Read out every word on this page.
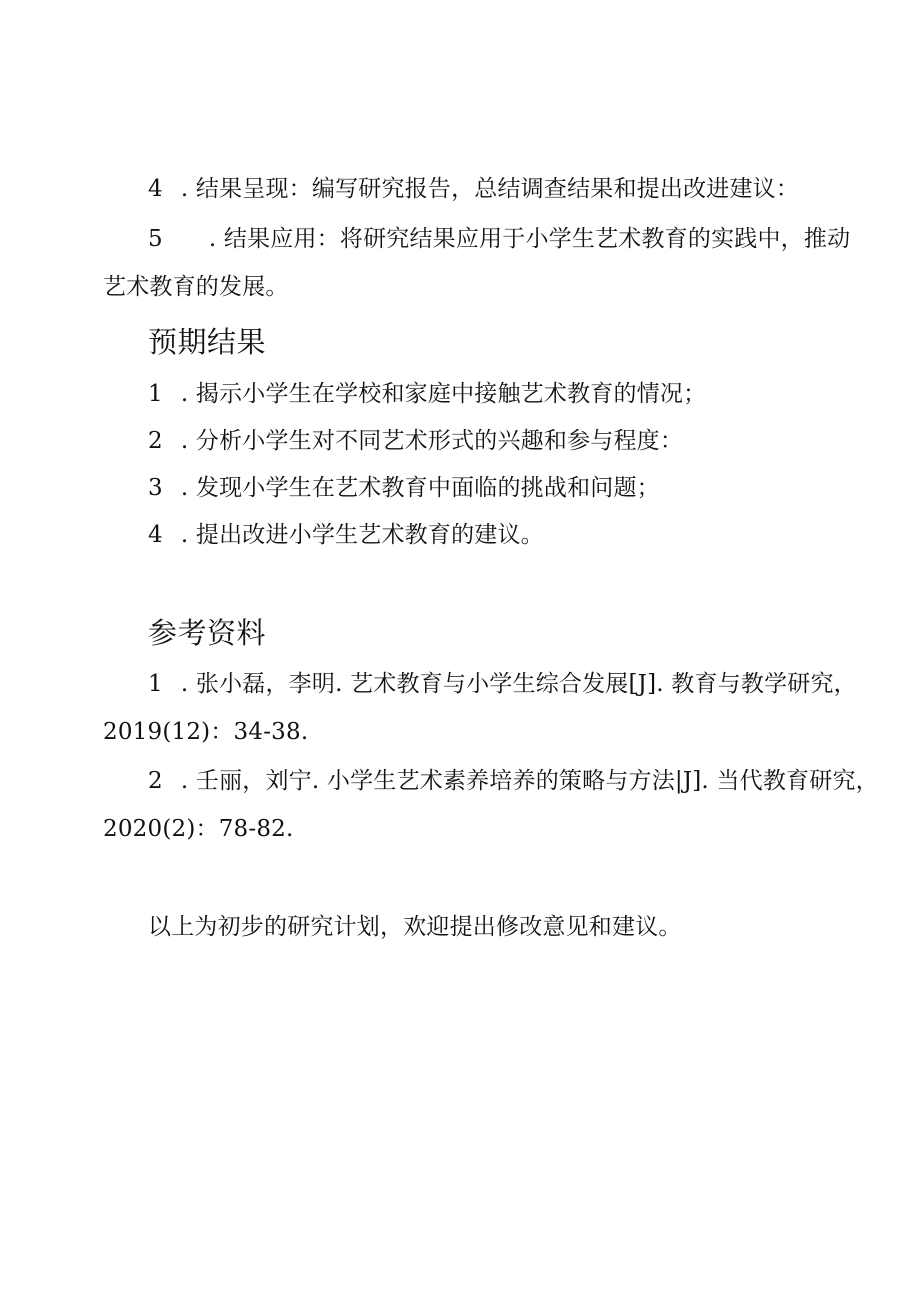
4 . 结果呈现：编写研究报告，总结调查结果和提出改进建议：
5 . 结果应用：将研究结果应用于小学生艺术教育的实践中，推动
艺术教育的发展。
预期结果
1 . 揭示小学生在学校和家庭中接触艺术教育的情况；
2 . 分析小学生对不同艺术形式的兴趣和参与程度：
3 . 发现小学生在艺术教育中面临的挑战和问题；
4 . 提出改进小学生艺术教育的建议。
参考资料
1 . 张小磊，李明. 艺术教育与小学生综合发展[J]. 教育与教学研究，
2019(12)：34-38.
2 . 壬丽，刘宁. 小学生艺术素养培养的策略与方法|J]. 当代教育研究，
2020(2)：78-82.
以上为初步的研究计划，欢迎提出修改意见和建议。
